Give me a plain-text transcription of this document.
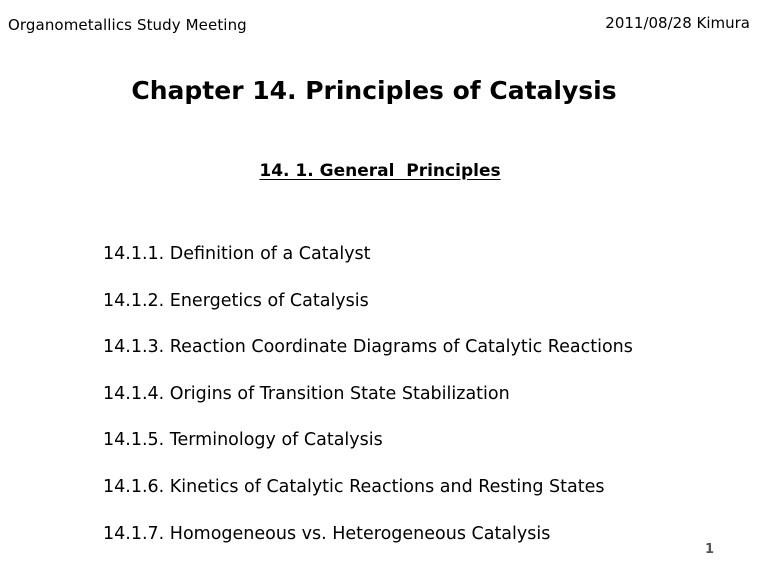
Organometallics Study Meeting	2011/08/28 Kimura
Chapter 14. Principles of Catalysis
14. 1. General  Principles
14.1.1. Definition of a Catalyst
14.1.2. Energetics of Catalysis
14.1.3. Reaction Coordinate Diagrams of Catalytic Reactions
14.1.4. Origins of Transition State Stabilization
14.1.5. Terminology of Catalysis
14.1.6. Kinetics of Catalytic Reactions and Resting States
14.1.7. Homogeneous vs. Heterogeneous Catalysis
1
